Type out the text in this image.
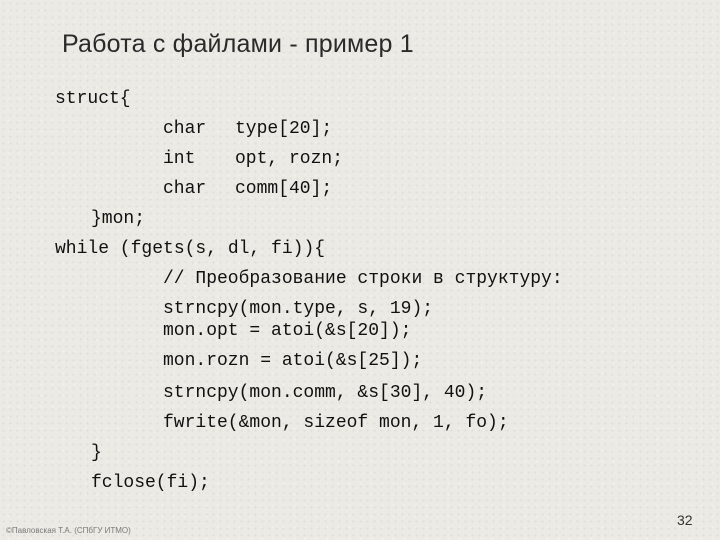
Работа с файлами - пример 1
struct{
char type[20];
int opt, rozn;
char comm[40];
}mon;
while (fgets(s, dl, fi)){
// Преобразование строки в структуру:
strncpy(mon.type, s, 19);
mon.opt = atoi(&s[20]);
mon.rozn = atoi(&s[25]);
strncpy(mon.comm, &s[30], 40);
fwrite(&mon, sizeof mon, 1, fo);
}
fclose(fi);
©Павловская Т.А. (СПбГУ ИТМО)
32
